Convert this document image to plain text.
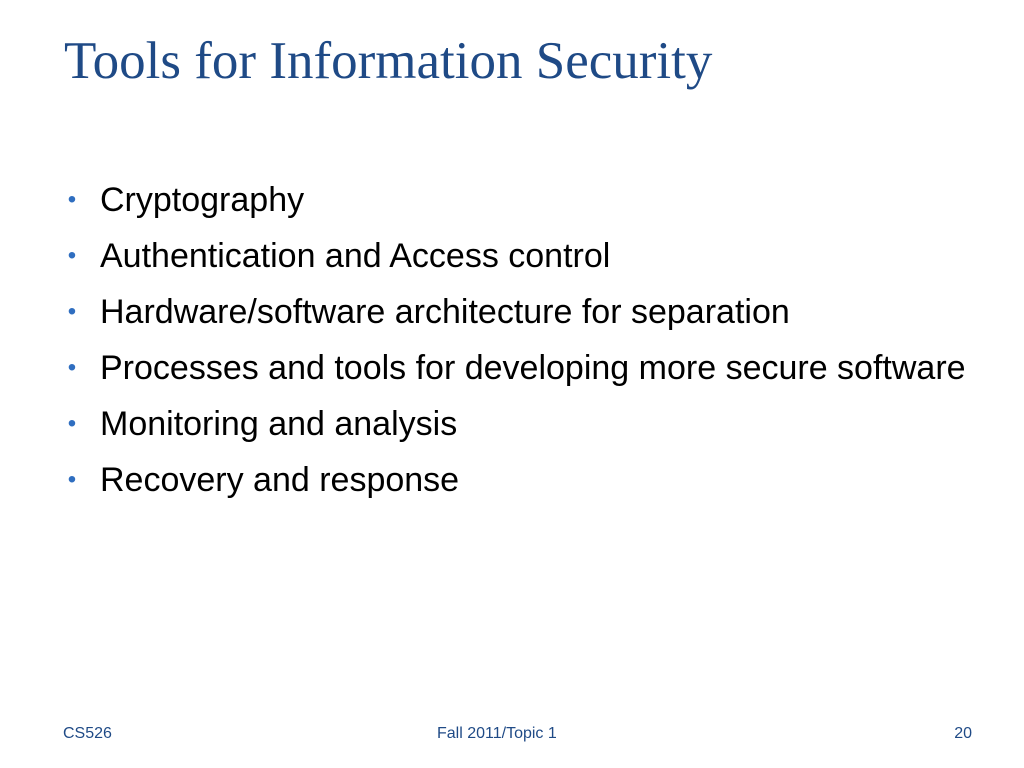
Tools for Information Security
• Cryptography
• Authentication and Access control
• Hardware/software architecture for separation
• Processes and tools for developing more secure software
• Monitoring and analysis
• Recovery and response
CS526	Fall 2011/Topic 1	20
